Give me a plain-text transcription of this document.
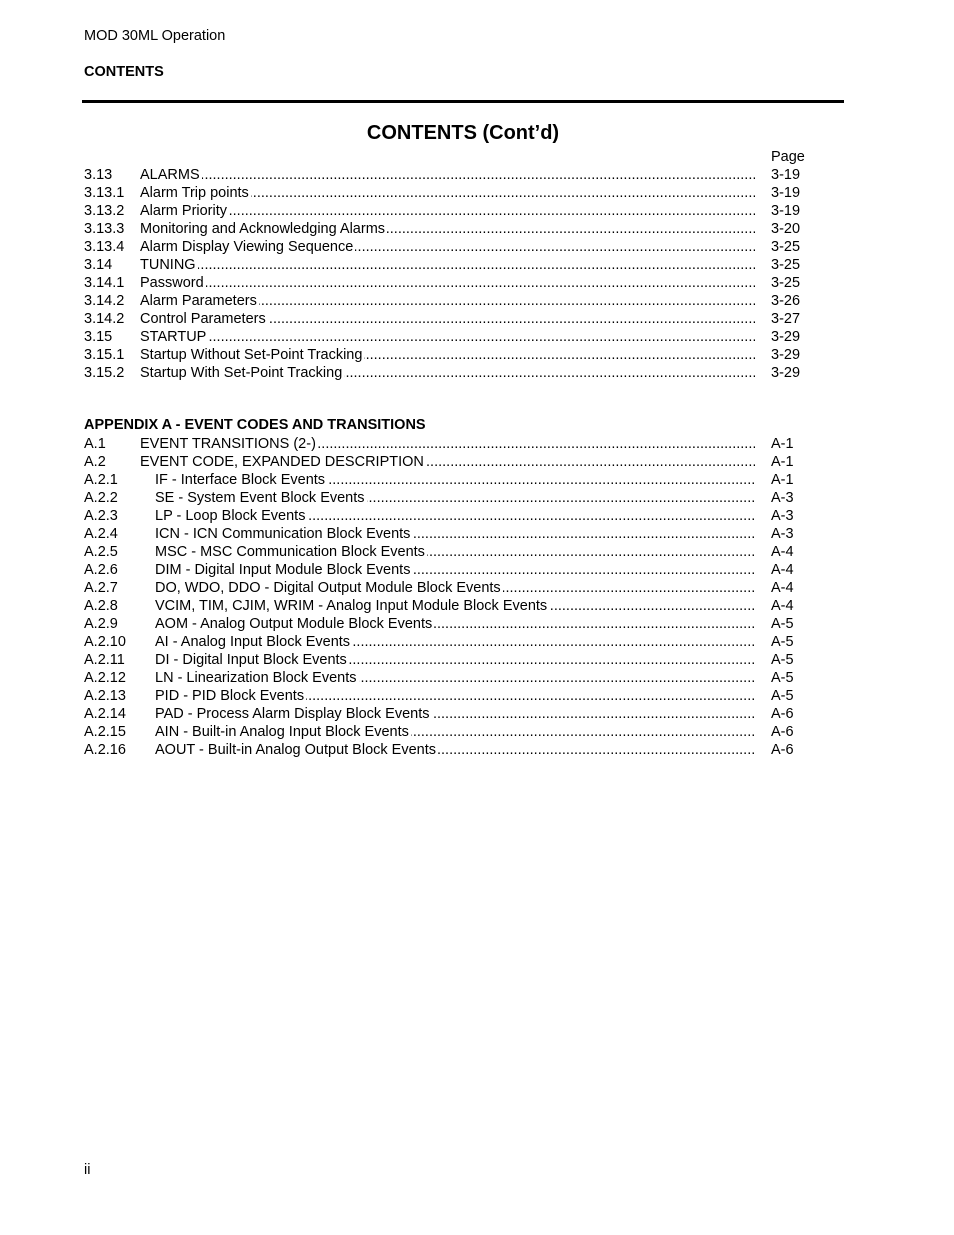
MOD 30ML Operation
CONTENTS
CONTENTS (Cont’d)
Page
3.13 ALARMS .....	3-19
3.13.1 Alarm Trip points .....	3-19
3.13.2 Alarm Priority .....	3-19
3.13.3 Monitoring and Acknowledging Alarms .....	3-20
3.13.4 Alarm Display Viewing Sequence .....	3-25
3.14 TUNING .....	3-25
3.14.1 Password .....	3-25
3.14.2 Alarm Parameters .....	3-26
3.14.2 Control Parameters .....	3-27
3.15 STARTUP .....	3-29
3.15.1 Startup Without Set-Point Tracking .....	3-29
3.15.2 Startup With Set-Point Tracking .....	3-29
APPENDIX A - EVENT CODES AND TRANSITIONS
A.1 EVENT TRANSITIONS (2-) .....	A-1
A.2 EVENT CODE, EXPANDED DESCRIPTION .....	A-1
A.2.1	IF - Interface Block Events .....	A-1
A.2.2	SE - System Event Block Events .....	A-3
A.2.3	LP - Loop Block Events .....	A-3
A.2.4	ICN - ICN Communication Block Events .....	A-3
A.2.5	MSC - MSC Communication Block Events .....	A-4
A.2.6	DIM - Digital Input Module Block Events .....	A-4
A.2.7	DO, WDO, DDO - Digital Output Module Block Events .....	A-4
A.2.8	VCIM, TIM, CJIM, WRIM - Analog Input Module Block Events .....	A-4
A.2.9	AOM - Analog Output Module Block Events .....	A-5
A.2.10 AI - Analog Input Block Events .....	A-5
A.2.11 DI - Digital Input Block Events .....	A-5
A.2.12 LN - Linearization Block Events .....	A-5
A.2.13 PID - PID Block Events .....	A-5
A.2.14 PAD - Process Alarm Display Block Events .....	A-6
A.2.15 AIN - Built-in Analog Input Block Events .....	A-6
A.2.16 AOUT - Built-in Analog Output Block Events .....	A-6
ii
